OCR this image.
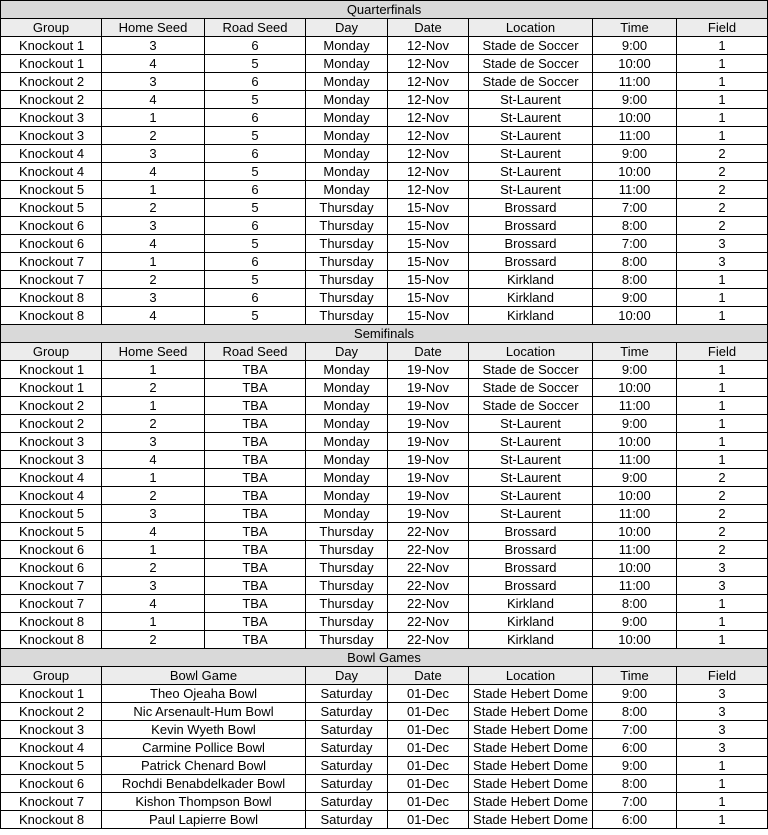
Quarterfinals							
Group	Home Seed	Road Seed	Day	Date	Location	Time	Field
Knockout 1	3	6	Monday	12-Nov	Stade de Soccer	9:00	1
Knockout 1	4	5	Monday	12-Nov	Stade de Soccer	10:00	1
Knockout 2	3	6	Monday	12-Nov	Stade de Soccer	11:00	1
Knockout 2	4	5	Monday	12-Nov	St-Laurent	9:00	1
Knockout 3	1	6	Monday	12-Nov	St-Laurent	10:00	1
Knockout 3	2	5	Monday	12-Nov	St-Laurent	11:00	1
Knockout 4	3	6	Monday	12-Nov	St-Laurent	9:00	2
Knockout 4	4	5	Monday	12-Nov	St-Laurent	10:00	2
Knockout 5	1	6	Monday	12-Nov	St-Laurent	11:00	2
Knockout 5	2	5	Thursday	15-Nov	Brossard	7:00	2
Knockout 6	3	6	Thursday	15-Nov	Brossard	8:00	2
Knockout 6	4	5	Thursday	15-Nov	Brossard	7:00	3
Knockout 7	1	6	Thursday	15-Nov	Brossard	8:00	3
Knockout 7	2	5	Thursday	15-Nov	Kirkland	8:00	1
Knockout 8	3	6	Thursday	15-Nov	Kirkland	9:00	1
Knockout 8	4	5	Thursday	15-Nov	Kirkland	10:00	1
Semifinals							
Group	Home Seed	Road Seed	Day	Date	Location	Time	Field
Knockout 1	1	TBA	Monday	19-Nov	Stade de Soccer	9:00	1
Knockout 1	2	TBA	Monday	19-Nov	Stade de Soccer	10:00	1
Knockout 2	1	TBA	Monday	19-Nov	Stade de Soccer	11:00	1
Knockout 2	2	TBA	Monday	19-Nov	St-Laurent	9:00	1
Knockout 3	3	TBA	Monday	19-Nov	St-Laurent	10:00	1
Knockout 3	4	TBA	Monday	19-Nov	St-Laurent	11:00	1
Knockout 4	1	TBA	Monday	19-Nov	St-Laurent	9:00	2
Knockout 4	2	TBA	Monday	19-Nov	St-Laurent	10:00	2
Knockout 5	3	TBA	Monday	19-Nov	St-Laurent	11:00	2
Knockout 5	4	TBA	Thursday	22-Nov	Brossard	10:00	2
Knockout 6	1	TBA	Thursday	22-Nov	Brossard	11:00	2
Knockout 6	2	TBA	Thursday	22-Nov	Brossard	10:00	3
Knockout 7	3	TBA	Thursday	22-Nov	Brossard	11:00	3
Knockout 7	4	TBA	Thursday	22-Nov	Kirkland	8:00	1
Knockout 8	1	TBA	Thursday	22-Nov	Kirkland	9:00	1
Knockout 8	2	TBA	Thursday	22-Nov	Kirkland	10:00	1
Bowl Games							
Group	Bowl Game		Day	Date	Location	Time	Field
Knockout 1	Theo Ojeaha Bowl		Saturday	01-Dec	Stade Hebert Dome	9:00	3
Knockout 2	Nic Arsenault-Hum Bowl		Saturday	01-Dec	Stade Hebert Dome	8:00	3
Knockout 3	Kevin Wyeth Bowl		Saturday	01-Dec	Stade Hebert Dome	7:00	3
Knockout 4	Carmine Pollice Bowl		Saturday	01-Dec	Stade Hebert Dome	6:00	3
Knockout 5	Patrick Chenard Bowl		Saturday	01-Dec	Stade Hebert Dome	9:00	1
Knockout 6	Rochdi Benabdelkader Bowl		Saturday	01-Dec	Stade Hebert Dome	8:00	1
Knockout 7	Kishon Thompson Bowl		Saturday	01-Dec	Stade Hebert Dome	7:00	1
Knockout 8	Paul Lapierre Bowl		Saturday	01-Dec	Stade Hebert Dome	6:00	1
